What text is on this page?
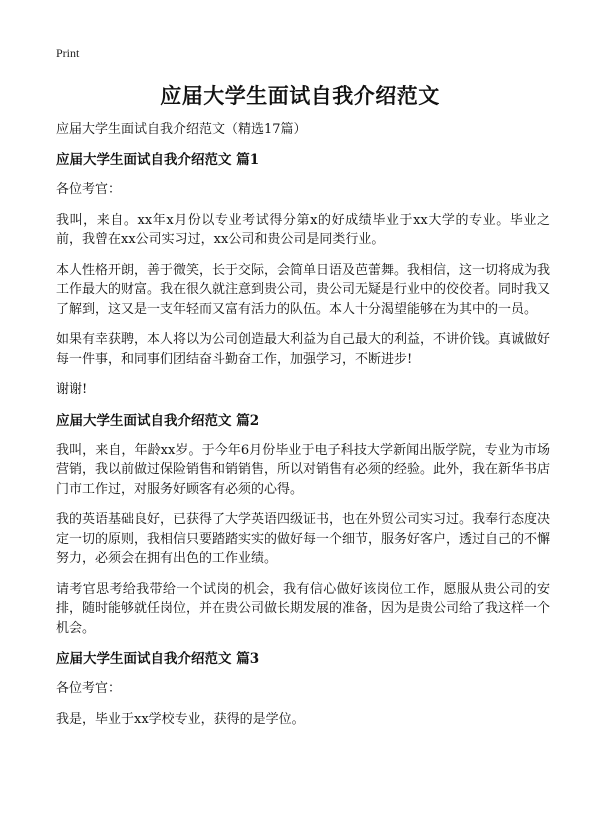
Print
应届大学生面试自我介绍范文
应届大学生面试自我介绍范文（精选17篇）
应届大学生面试自我介绍范文 篇1

各位考官：

我叫，来自。xx年x月份以专业考试得分第x的好成绩毕业于xx大学的专业。毕业之前，我曾在xx公司实习过，xx公司和贵公司是同类行业。

本人性格开朗，善于微笑，长于交际，会简单日语及芭蕾舞。我相信，这一切将成为我工作最大的财富。我在很久就注意到贵公司，贵公司无疑是行业中的佼佼者。同时我又了解到，这又是一支年轻而又富有活力的队伍。本人十分渴望能够在为其中的一员。

如果有幸获聘，本人将以为公司创造最大利益为自己最大的利益，不讲价钱。真诚做好每一件事，和同事们团结奋斗勤奋工作，加强学习，不断进步!

谢谢!

应届大学生面试自我介绍范文 篇2

我叫，来自，年龄xx岁。于今年6月份毕业于电子科技大学新闻出版学院，专业为市场营销，我以前做过保险销售和销销售，所以对销售有必须的经验。此外，我在新华书店门市工作过，对服务好顾客有必须的心得。

我的英语基础良好，已获得了大学英语四级证书，也在外贸公司实习过。我奉行态度决定一切的原则，我相信只要踏踏实实的做好每一个细节，服务好客户，透过自己的不懈努力，必须会在拥有出色的工作业绩。

请考官思考给我带给一个试岗的机会，我有信心做好该岗位工作，愿服从贵公司的安排，随时能够就任岗位，并在贵公司做长期发展的准备，因为是贵公司给了我这样一个机会。

应届大学生面试自我介绍范文 篇3

各位考官：

我是，毕业于xx学校专业，获得的是学位。
